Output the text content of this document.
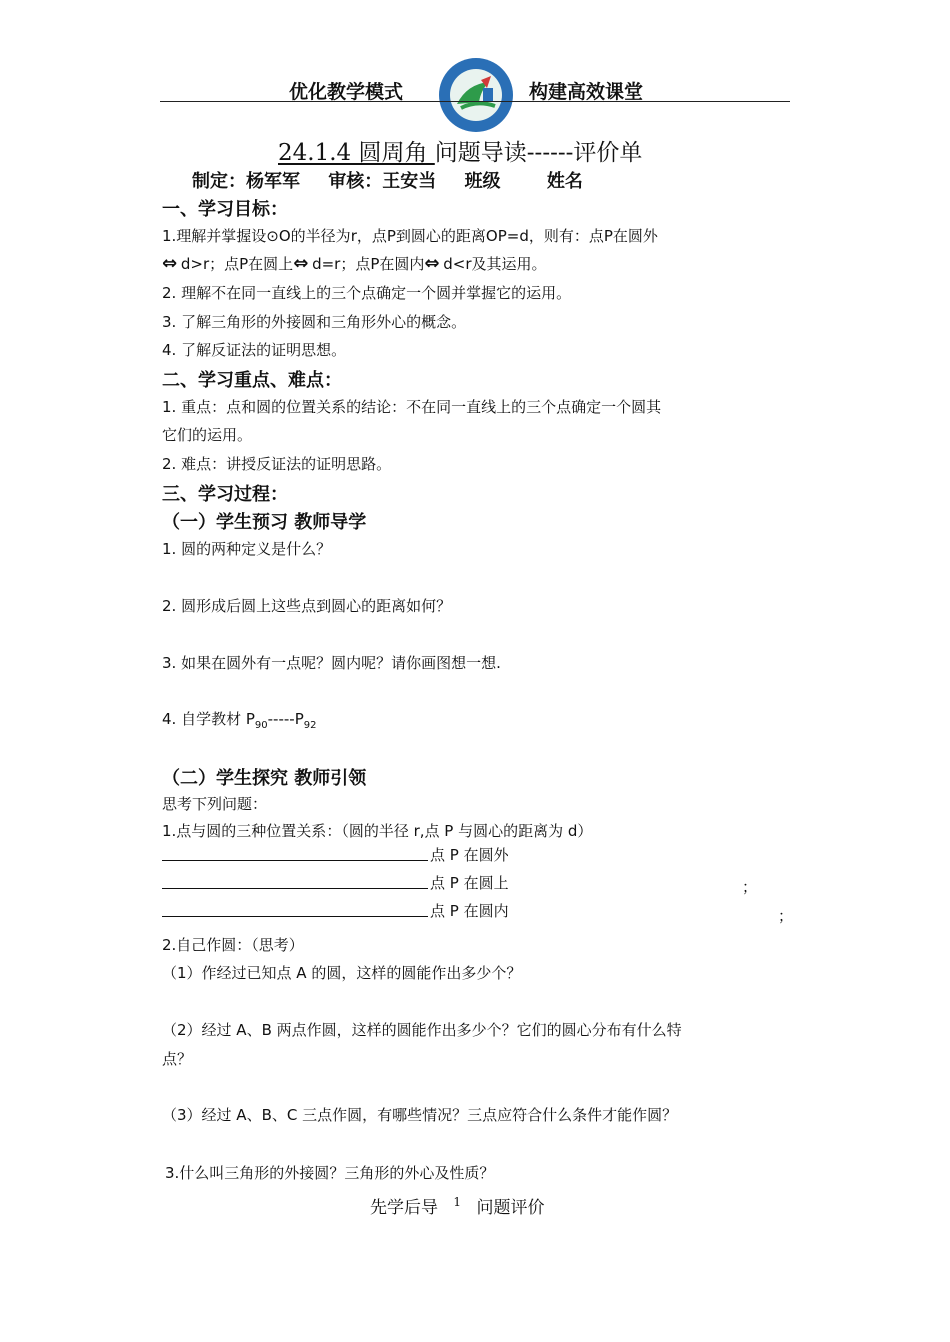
优化教学模式	构建高效课堂
24.1.4 圆周角 问题导读------评价单
制定：杨军军 审核：王安当 班级	姓名
一、学习目标：
1.理解并掌握设⊙O的半径为r，点P到圆心的距离OP=d，则有：点P在圆外
⇔ d>r；点P在圆上⇔ d=r；点P在圆内⇔ d<r及其运用。
2. 理解不在同一直线上的三个点确定一个圆并掌握它的运用。
3. 了解三角形的外接圆和三角形外心的概念。
4. 了解反证法的证明思想。
二、学习重点、难点：
1. 重点：点和圆的位置关系的结论：不在同一直线上的三个点确定一个圆其
它们的运用。
2. 难点：讲授反证法的证明思路。
三、学习过程：
（一）学生预习 教师导学
1. 圆的两种定义是什么？
2. 圆形成后圆上这些点到圆心的距离如何？
3. 如果在圆外有一点呢？圆内呢？请你画图想一想.
4. 自学教材 $P_{90}-----P_{92}$
（二）学生探究 教师引领
思考下列问题：
1.点与圆的三种位置关系：（圆的半径 r,点 P 与圆心的距离为 d）
点 P 在圆外
点 P 在圆上	；
点 P 在圆内	；
2.自己作圆：（思考）
（1）作经过已知点 A 的圆，这样的圆能作出多少个？
（2）经过 A、B 两点作圆，这样的圆能作出多少个？它们的圆心分布有什么特
点？
（3）经过 A、B、C 三点作圆，有哪些情况？三点应符合什么条件才能作圆？
3.什么叫三角形的外接圆？三角形的外心及性质？
先学后导 $^1$ 问题评价
